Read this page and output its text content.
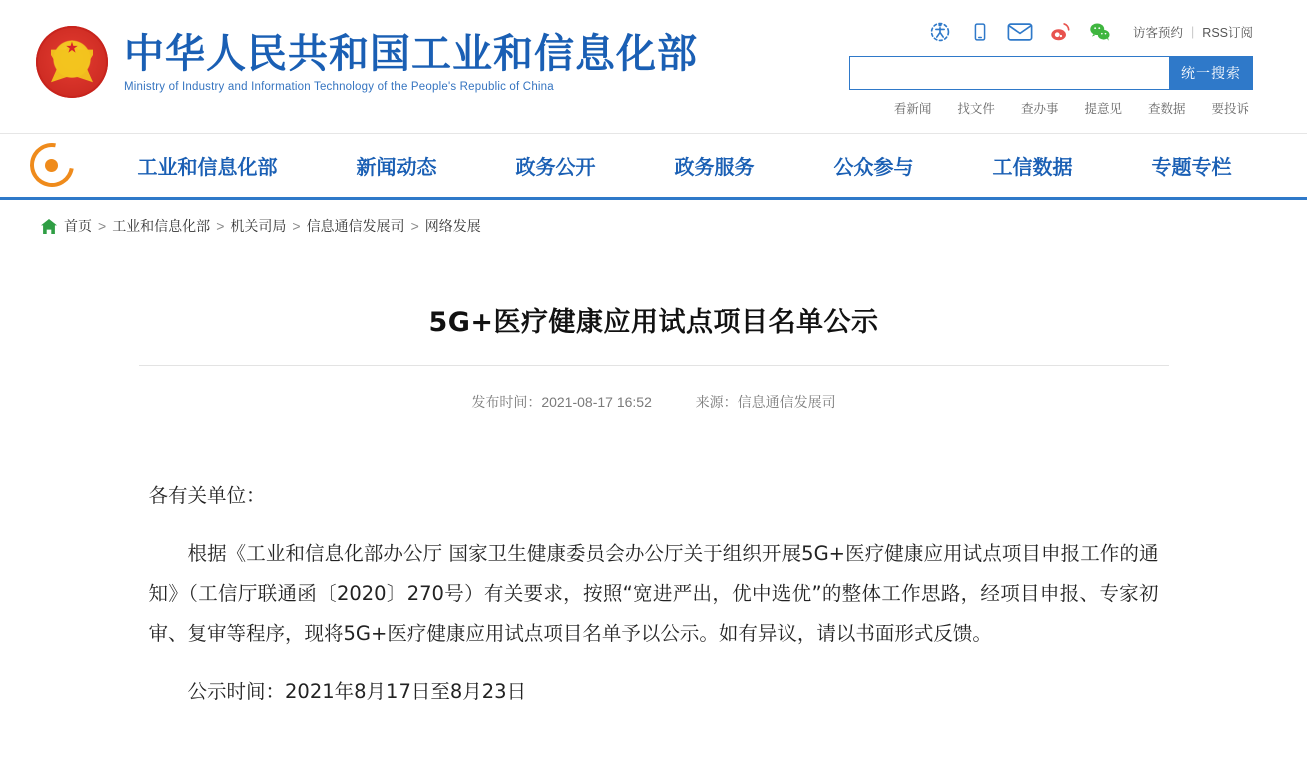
★ 中华人民共和国工业和信息化部
Ministry of Industry and Information Technology of the People's Republic of China
访客预约 | RSS订阅
统一搜索
看新闻 找文件 查办事 提意见 查数据 要投诉
工业和信息化部	新闻动态	政务公开	政务服务	公众参与	工信数据	专题专栏
首页 > 工业和信息化部 > 机关司局 > 信息通信发展司 > 网络发展
5G+医疗健康应用试点项目名单公示
发布时间：2021-08-17 16:52	来源：信息通信发展司

各有关单位：

根据《工业和信息化部办公厅 国家卫生健康委员会办公厅关于组织开展5G+医疗健康应用试点项目申报工作的通知》（工信厅联通函〔2020〕270号）有关要求，按照“宽进严出，优中选优”的整体工作思路，经项目申报、专家初审、复审等程序，现将5G+医疗健康应用试点项目名单予以公示。如有异议，请以书面形式反馈。

公示时间：2021年8月17日至8月23日
